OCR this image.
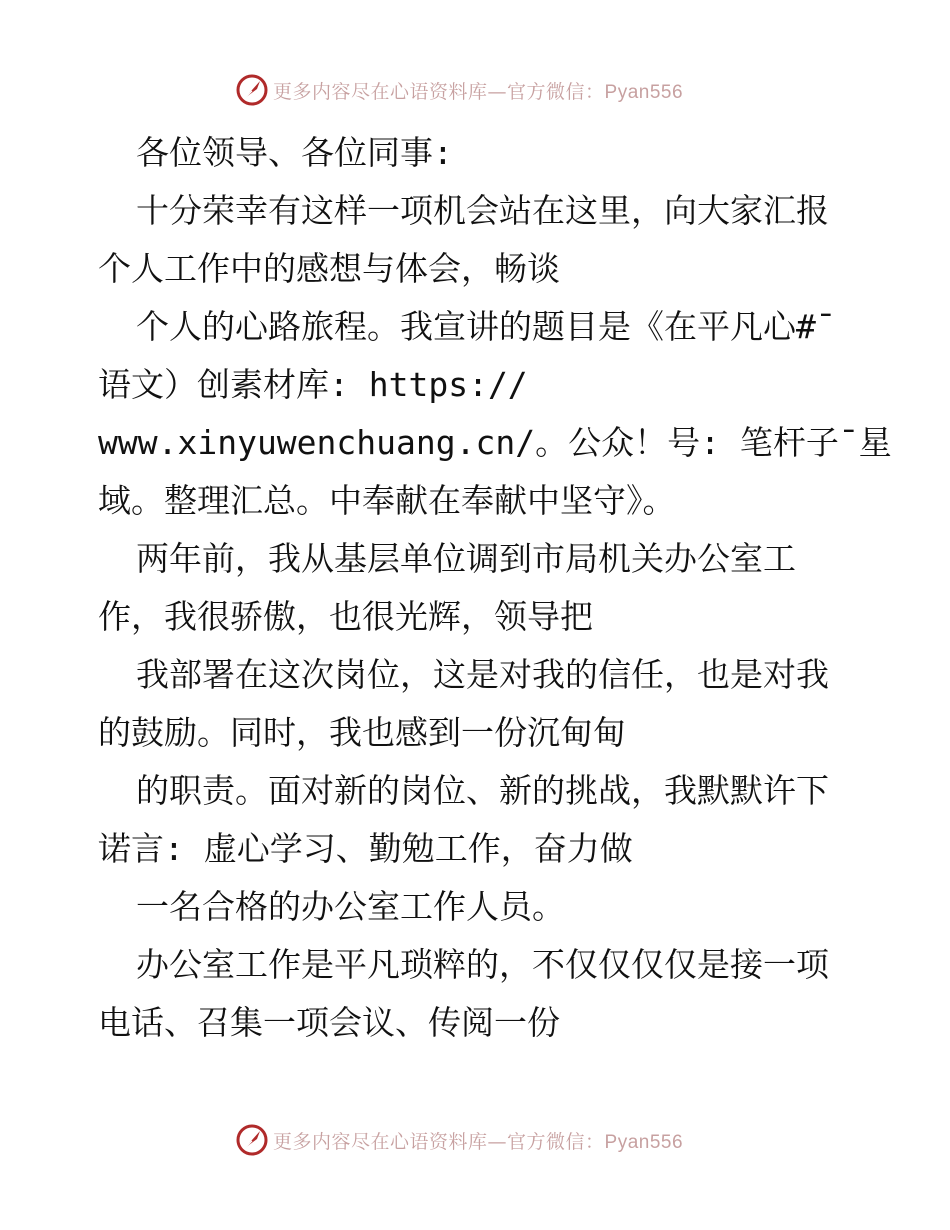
更多内容尽在心语资料库—官方微信：Pyan556
各位领导、各位同事:
十分荣幸有这样一项机会站在这里，向大家汇报
个人工作中的感想与体会，畅谈
个人的心路旅程。我宣讲的题目是《在平凡心#¯
语文）创素材库: https://
www.xinyuwenchuang.cn/。公众！号: 笔杆子¯星
域。整理汇总。中奉献在奉献中坚守》。
两年前，我从基层单位调到市局机关办公室工
作，我很骄傲，也很光辉，领导把
我部署在这次岗位，这是对我的信任，也是对我
的鼓励。同时，我也感到一份沉甸甸
的职责。面对新的岗位、新的挑战，我默默许下
诺言: 虚心学习、勤勉工作，奋力做
一名合格的办公室工作人员。
办公室工作是平凡琐粹的，不仅仅仅仅是接一项
电话、召集一项会议、传阅一份
更多内容尽在心语资料库—官方微信：Pyan556
